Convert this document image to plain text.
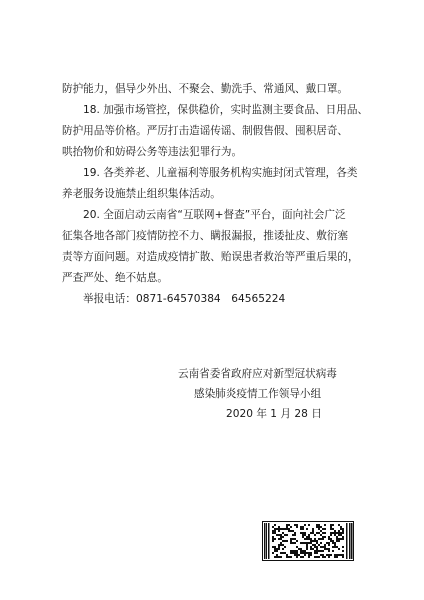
防护能力，倡导少外出、不聚会、勤洗手、常通风、戴口罩。
18. 加强市场管控，保供稳价，实时监测主要食品、日用品、
防护用品等价格。严厉打击造谣传谣、制假售假、囤积居奇、
哄抬物价和妨碍公务等违法犯罪行为。
19. 各类养老、儿童福利等服务机构实施封闭式管理，各类
养老服务设施禁止组织集体活动。
20. 全面启动云南省“互联网+督查”平台，面向社会广泛
征集各地各部门疫情防控不力、瞒报漏报，推诿扯皮、敷衍塞
责等方面问题。对造成疫情扩散、贻误患者救治等严重后果的，
严查严处、绝不姑息。
举报电话：0871-64570384　64565224
云南省委省政府应对新型冠状病毒
感染肺炎疫情工作领导小组
2020 年 1 月 28 日
